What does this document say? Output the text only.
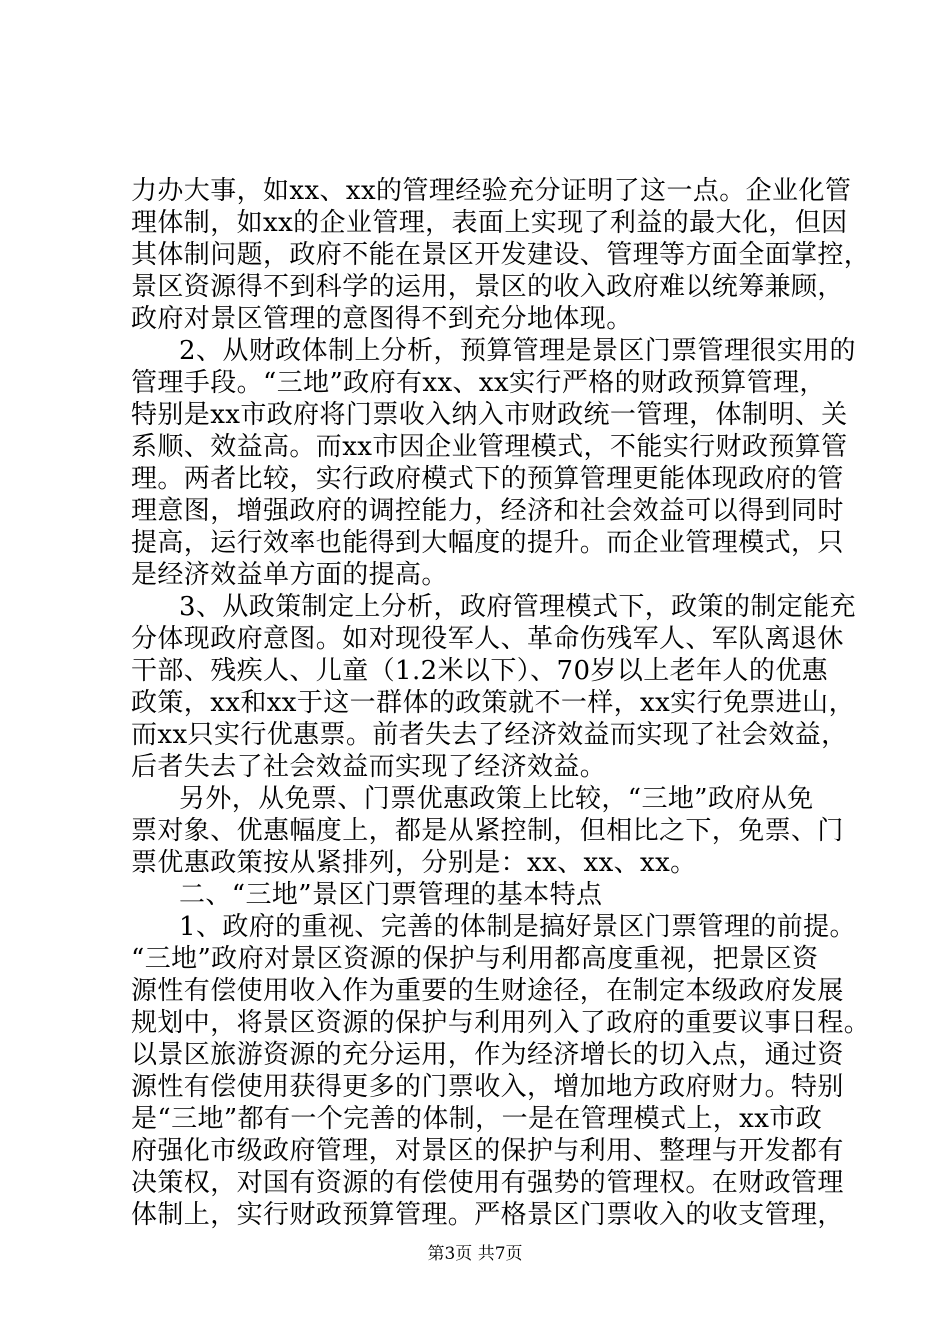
力办大事，如xx、xx的管理经验充分证明了这一点。企业化管
理体制，如xx的企业管理，表面上实现了利益的最大化，但因
其体制问题，政府不能在景区开发建设、管理等方面全面掌控，
景区资源得不到科学的运用，景区的收入政府难以统筹兼顾，
政府对景区管理的意图得不到充分地体现。
2、从财政体制上分析，预算管理是景区门票管理很实用的
管理手段。“三地”政府有xx、xx实行严格的财政预算管理，
特别是xx市政府将门票收入纳入市财政统一管理，体制明、关
系顺、效益高。而xx市因企业管理模式，不能实行财政预算管
理。两者比较，实行政府模式下的预算管理更能体现政府的管
理意图，增强政府的调控能力，经济和社会效益可以得到同时
提高，运行效率也能得到大幅度的提升。而企业管理模式，只
是经济效益单方面的提高。
3、从政策制定上分析，政府管理模式下，政策的制定能充
分体现政府意图。如对现役军人、革命伤残军人、军队离退休
干部、残疾人、儿童（1.2米以下）、70岁以上老年人的优惠
政策，xx和xx于这一群体的政策就不一样，xx实行免票进山，
而xx只实行优惠票。前者失去了经济效益而实现了社会效益，
后者失去了社会效益而实现了经济效益。
另外，从免票、门票优惠政策上比较，“三地”政府从免
票对象、优惠幅度上，都是从紧控制，但相比之下，免票、门
票优惠政策按从紧排列，分别是：xx、xx、xx。
二、“三地”景区门票管理的基本特点
1、政府的重视、完善的体制是搞好景区门票管理的前提。
“三地”政府对景区资源的保护与利用都高度重视，把景区资
源性有偿使用收入作为重要的生财途径，在制定本级政府发展
规划中，将景区资源的保护与利用列入了政府的重要议事日程。
以景区旅游资源的充分运用，作为经济增长的切入点，通过资
源性有偿使用获得更多的门票收入，增加地方政府财力。特别
是“三地”都有一个完善的体制，一是在管理模式上，xx市政
府强化市级政府管理，对景区的保护与利用、整理与开发都有
决策权，对国有资源的有偿使用有强势的管理权。在财政管理
体制上，实行财政预算管理。严格景区门票收入的收支管理，
第3页 共7页
